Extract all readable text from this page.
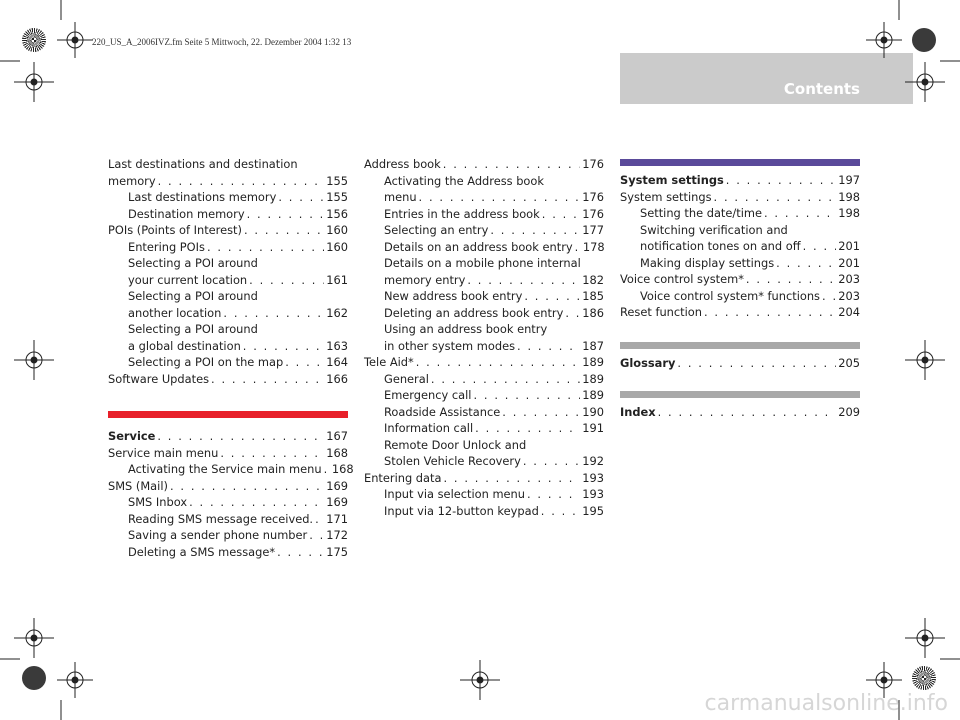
220_US_A_2006IVZ.fm Seite 5 Mittwoch, 22. Dezember 2004 1:32 13
Contents
Last destinations and destination
memory . . .	155
Last destinations memory . . .	155
Destination memory . . .	156
POIs (Points of Interest) . . .	160
Entering POIs . . .	160
Selecting a POI around
your current location . . .	161
Selecting a POI around
another location . . .	162
Selecting a POI around
a global destination . . .	163
Selecting a POI on the map . . .	164
Software Updates . . .	166
Service . . .	167
Service main menu . . .	168
Activating the Service main menu . . . 168
SMS (Mail) . . .	169
SMS Inbox . . .	169
Reading SMS message received. . . . 171
Saving a sender phone number . . . 172
Deleting a SMS message* . . .	175
Address book . . .	176
Activating the Address book
menu . . .	176
Entries in the address book . . .	176
Selecting an entry . . .	177
Details on an address book entry . . . 178
Details on a mobile phone internal
memory entry . . .	182
New address book entry . . .	185
Deleting an address book entry . . . 186
Using an address book entry
in other system modes . . .	187
Tele Aid* . . .	189
General . . .	189
Emergency call . . .	189
Roadside Assistance . . .	190
Information call . . .	191
Remote Door Unlock and
Stolen Vehicle Recovery . . .	192
Entering data . . .	193
Input via selection menu . . .	193
Input via 12-button keypad . . .	195
System settings . . .	197
System settings . . .	198
Setting the date/time . . .	198
Switching verification and
notification tones on and off . . .	201
Making display settings . . .	201
Voice control system* . . .	203
Voice control system* functions . . . 203
Reset function . . .	204
Glossary . . .	205
Index . . .	209
carmanualsonline.info
